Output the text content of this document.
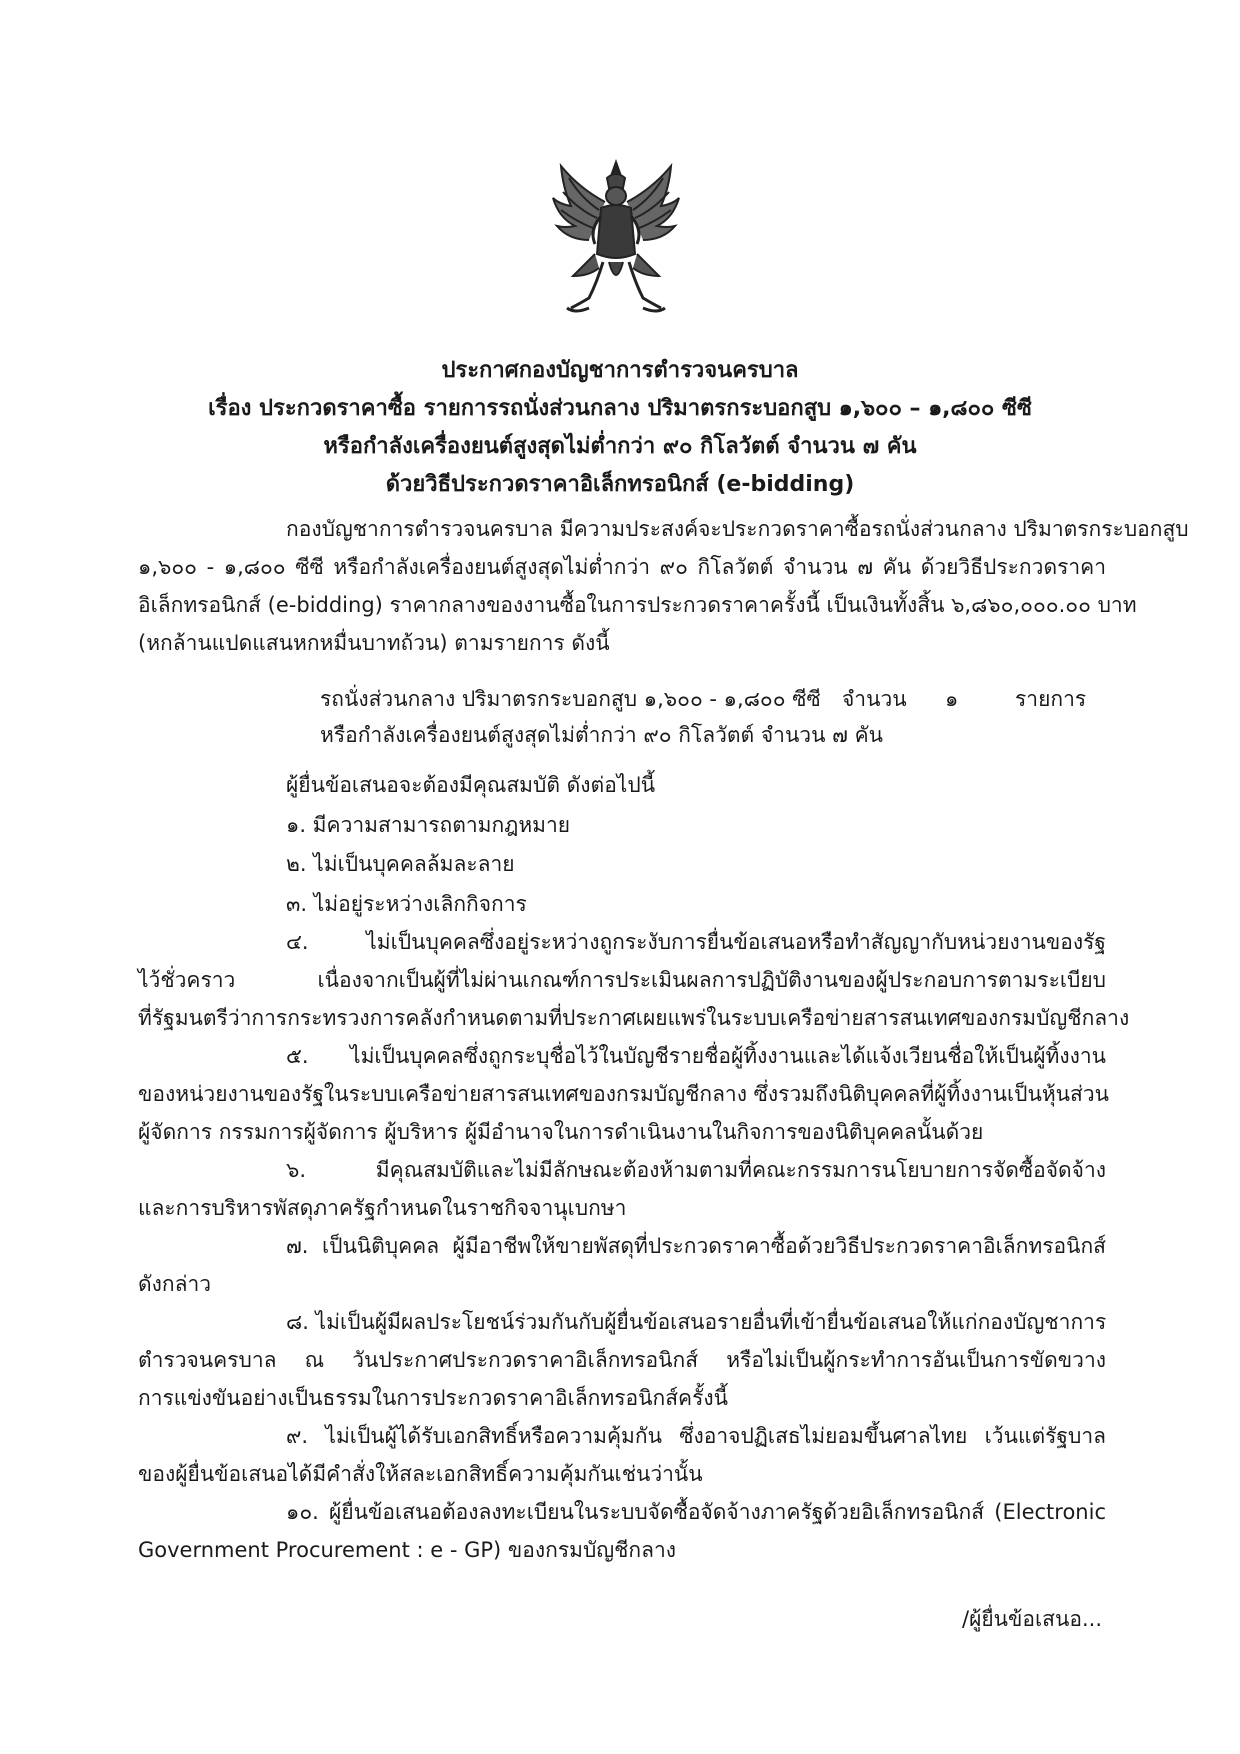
ประกาศกองบัญชาการตำรวจนครบาล
เรื่อง ประกวดราคาซื้อ รายการรถนั่งส่วนกลาง ปริมาตรกระบอกสูบ ๑,๖๐๐ – ๑,๘๐๐ ซีซี
หรือกำลังเครื่องยนต์สูงสุดไม่ต่ำกว่า ๙๐ กิโลวัตต์ จำนวน ๗ คัน
ด้วยวิธีประกวดราคาอิเล็กทรอนิกส์ (e-bidding)
กองบัญชาการตำรวจนครบาล มีความประสงค์จะประกวดราคาซื้อรถนั่งส่วนกลาง ปริมาตรกระบอกสูบ
๑,๖๐๐ - ๑,๘๐๐ ซีซี หรือกำลังเครื่องยนต์สูงสุดไม่ต่ำกว่า ๙๐ กิโลวัตต์ จำนวน ๗ คัน ด้วยวิธีประกวดราคา
อิเล็กทรอนิกส์ (e-bidding) ราคากลางของงานซื้อในการประกวดราคาครั้งนี้ เป็นเงินทั้งสิ้น ๖,๘๖๐,๐๐๐.๐๐ บาท
(หกล้านแปดแสนหกหมื่นบาทถ้วน) ตามรายการ ดังนี้
รถนั่งส่วนกลาง ปริมาตรกระบอกสูบ ๑,๖๐๐ - ๑,๘๐๐ ซีซี จำนวน ๑	รายการ
หรือกำลังเครื่องยนต์สูงสุดไม่ต่ำกว่า ๙๐ กิโลวัตต์ จำนวน ๗ คัน
ผู้ยื่นข้อเสนอจะต้องมีคุณสมบัติ ดังต่อไปนี้
๑. มีความสามารถตามกฎหมาย
๒. ไม่เป็นบุคคลล้มละลาย
๓. ไม่อยู่ระหว่างเลิกกิจการ
๔. ไม่เป็นบุคคลซึ่งอยู่ระหว่างถูกระงับการยื่นข้อเสนอหรือทำสัญญากับหน่วยงานของรัฐ
ไว้ชั่วคราว เนื่องจากเป็นผู้ที่ไม่ผ่านเกณฑ์การประเมินผลการปฏิบัติงานของผู้ประกอบการตามระเบียบ
ที่รัฐมนตรีว่าการกระทรวงการคลังกำหนดตามที่ประกาศเผยแพร่ในระบบเครือข่ายสารสนเทศของกรมบัญชีกลาง
๕. ไม่เป็นบุคคลซึ่งถูกระบุชื่อไว้ในบัญชีรายชื่อผู้ทิ้งงานและได้แจ้งเวียนชื่อให้เป็นผู้ทิ้งงาน
ของหน่วยงานของรัฐในระบบเครือข่ายสารสนเทศของกรมบัญชีกลาง ซึ่งรวมถึงนิติบุคคลที่ผู้ทิ้งงานเป็นหุ้นส่วน
ผู้จัดการ กรรมการผู้จัดการ ผู้บริหาร ผู้มีอำนาจในการดำเนินงานในกิจการของนิติบุคคลนั้นด้วย
๖. มีคุณสมบัติและไม่มีลักษณะต้องห้ามตามที่คณะกรรมการนโยบายการจัดซื้อจัดจ้าง
และการบริหารพัสดุภาครัฐกำหนดในราชกิจจานุเบกษา
๗. เป็นนิติบุคคล ผู้มีอาชีพให้ขายพัสดุที่ประกวดราคาซื้อด้วยวิธีประกวดราคาอิเล็กทรอนิกส์
ดังกล่าว
๘. ไม่เป็นผู้มีผลประโยชน์ร่วมกันกับผู้ยื่นข้อเสนอรายอื่นที่เข้ายื่นข้อเสนอให้แก่กองบัญชาการ
ตำรวจนครบาล ณ วันประกาศประกวดราคาอิเล็กทรอนิกส์ หรือไม่เป็นผู้กระทำการอันเป็นการขัดขวาง
การแข่งขันอย่างเป็นธรรมในการประกวดราคาอิเล็กทรอนิกส์ครั้งนี้
๙. ไม่เป็นผู้ได้รับเอกสิทธิ์หรือความคุ้มกัน ซึ่งอาจปฏิเสธไม่ยอมขึ้นศาลไทย เว้นแต่รัฐบาล
ของผู้ยื่นข้อเสนอได้มีคำสั่งให้สละเอกสิทธิ์ความคุ้มกันเช่นว่านั้น
๑๐. ผู้ยื่นข้อเสนอต้องลงทะเบียนในระบบจัดซื้อจัดจ้างภาครัฐด้วยอิเล็กทรอนิกส์ (Electronic
Government Procurement : e - GP) ของกรมบัญชีกลาง
/ผู้ยื่นข้อเสนอ...
